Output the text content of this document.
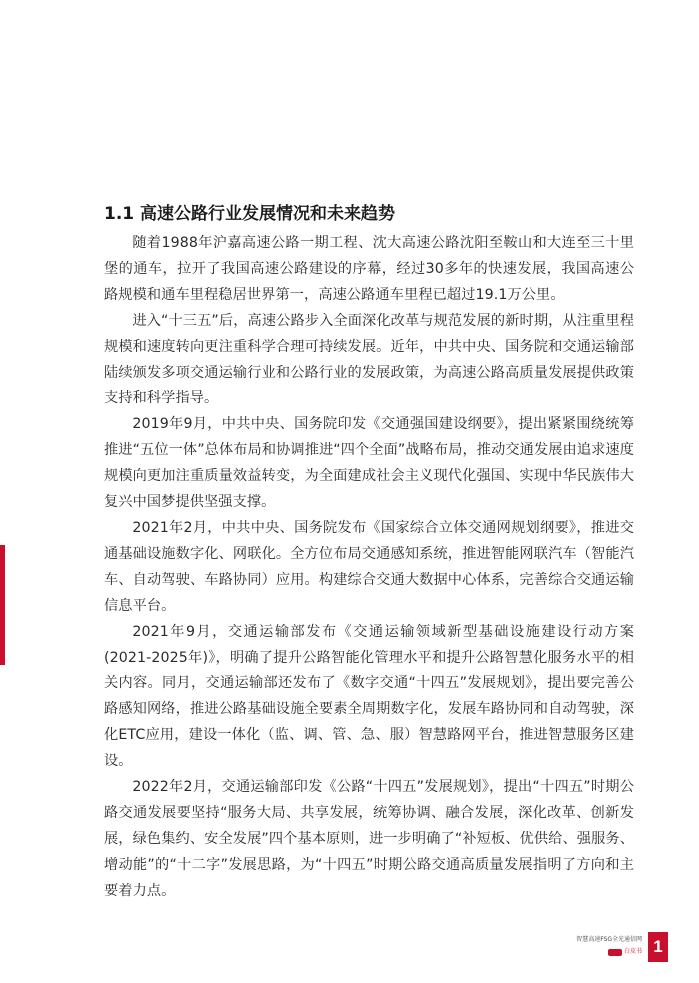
1.1 高速公路行业发展情况和未来趋势

随着1988年沪嘉高速公路一期工程、沈大高速公路沈阳至鞍山和大连至三十里堡的通车，拉开了我国高速公路建设的序幕，经过30多年的快速发展，我国高速公路规模和通车里程稳居世界第一，高速公路通车里程已超过19.1万公里。

进入“十三五”后，高速公路步入全面深化改革与规范发展的新时期，从注重里程规模和速度转向更注重科学合理可持续发展。近年，中共中央、国务院和交通运输部陆续颁发多项交通运输行业和公路行业的发展政策，为高速公路高质量发展提供政策支持和科学指导。

2019年9月，中共中央、国务院印发《交通强国建设纲要》，提出紧紧围绕统筹推进“五位一体”总体布局和协调推进“四个全面”战略布局，推动交通发展由追求速度规模向更加注重质量效益转变，为全面建成社会主义现代化强国、实现中华民族伟大复兴中国梦提供坚强支撑。

2021年2月，中共中央、国务院发布《国家综合立体交通网规划纲要》，推进交通基础设施数字化、网联化。全方位布局交通感知系统，推进智能网联汽车（智能汽车、自动驾驶、车路协同）应用。构建综合交通大数据中心体系，完善综合交通运输信息平台。

2021年9月，交通运输部发布《交通运输领域新型基础设施建设行动方案(2021-2025年)》，明确了提升公路智能化管理水平和提升公路智慧化服务水平的相关内容。同月，交通运输部还发布了《数字交通“十四五”发展规划》，提出要完善公路感知网络，推进公路基础设施全要素全周期数字化，发展车路协同和自动驾驶，深化ETC应用，建设一体化（监、调、管、急、服）智慧路网平台，推进智慧服务区建设。

2022年2月，交通运输部印发《公路“十四五”发展规划》，提出“十四五”时期公路交通发展要坚持“服务大局、共享发展，统筹协调、融合发展，深化改革、创新发展，绿色集约、安全发展”四个基本原则，进一步明确了“补短板、优供给、强服务、增动能”的“十二字”发展思路，为“十四五”时期公路交通高质量发展指明了方向和主要着力点。

智慧高速FSG全光通信网
白皮书 1
